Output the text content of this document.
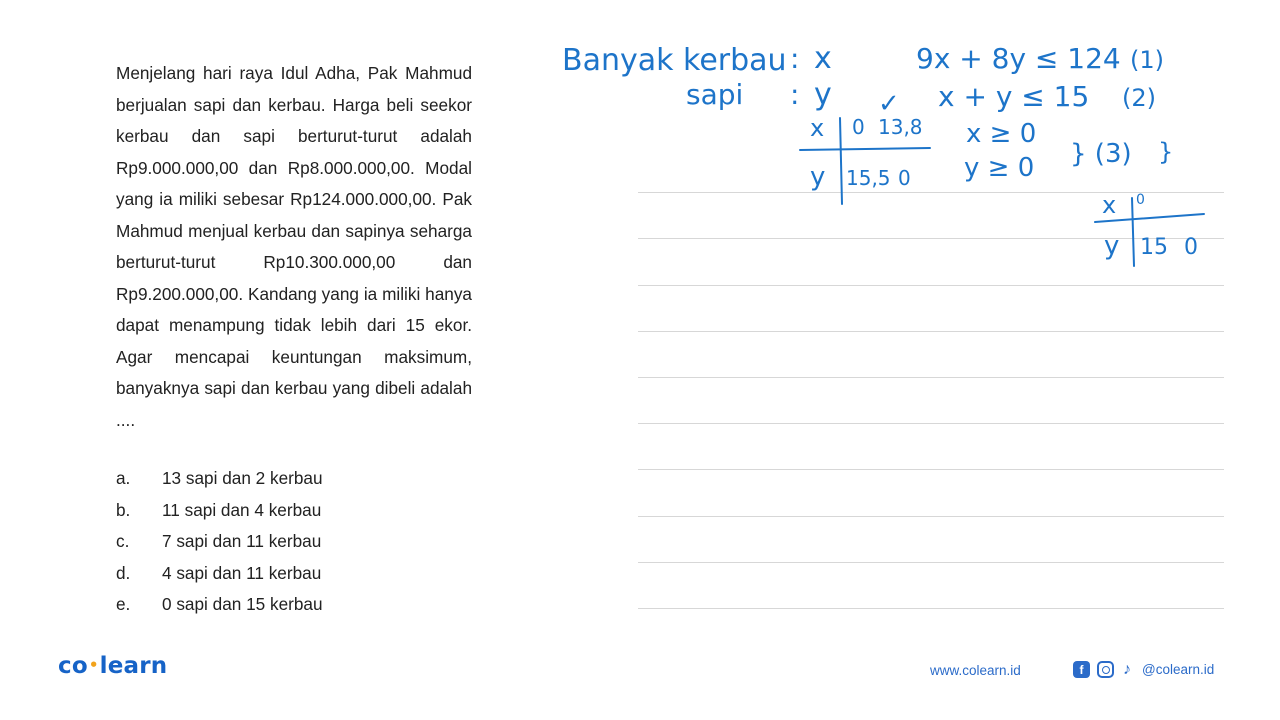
Menjelang hari raya Idul Adha, Pak Mahmud berjualan sapi dan kerbau. Harga beli seekor kerbau dan sapi berturut-turut adalah Rp9.000.000,00 dan Rp8.000.000,00. Modal yang ia miliki sebesar Rp124.000.000,00. Pak Mahmud menjual kerbau dan sapinya seharga berturut-turut Rp10.300.000,00 dan Rp9.200.000,00. Kandang yang ia miliki hanya dapat menampung tidak lebih dari 15 ekor. Agar mencapai keuntungan maksimum, banyaknya sapi dan kerbau yang dibeli adalah ....

a.	13 sapi dan 2 kerbau
b.	11 sapi dan 4 kerbau
c.	7 sapi dan 11 kerbau
d.	4 sapi dan 11 kerbau
e.	0 sapi dan 15 kerbau
Banyak kerbau : x	9x + 8y ≤ 124 (1)
sapi : y ✓ x + y ≤ 15 (2)
x ≥ 0
y ≥ 0 } (3) }
x 0 13,8
y 15,5 0
x 0
y 15 0
co•learn	www.colearn.id	f	♪ @colearn.id
